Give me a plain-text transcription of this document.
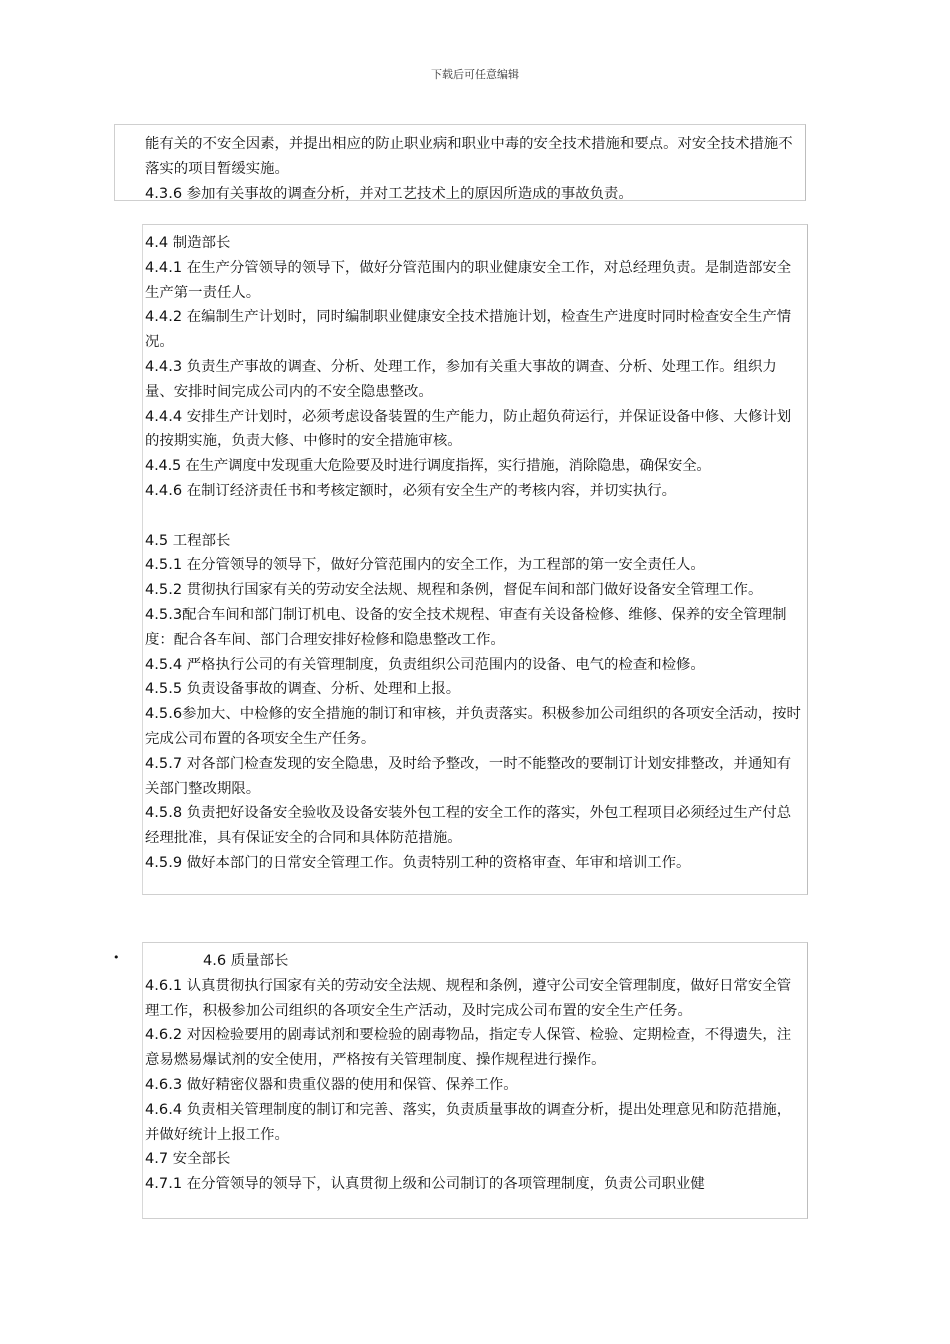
下载后可任意编辑

能有关的不安全因素，并提出相应的防止职业病和职业中毒的安全技术措施和要点。对安全技术措施不落实的项目暂缓实施。

4.3.6 参加有关事故的调查分析，并对工艺技术上的原因所造成的事故负责。

4.4 制造部长

4.4.1 在生产分管领导的领导下，做好分管范围内的职业健康安全工作，对总经理负责。是制造部安全生产第一责任人。

4.4.2 在编制生产计划时，同时编制职业健康安全技术措施计划，检查生产进度时同时检查安全生产情况。

4.4.3 负责生产事故的调查、分析、处理工作，参加有关重大事故的调查、分析、处理工作。组织力量、安排时间完成公司内的不安全隐患整改。

4.4.4 安排生产计划时，必须考虑设备装置的生产能力，防止超负荷运行，并保证设备中修、大修计划的按期实施，负责大修、中修时的安全措施审核。

4.4.5 在生产调度中发现重大危险要及时进行调度指挥，实行措施，消除隐患，确保安全。

4.4.6 在制订经济责任书和考核定额时，必须有安全生产的考核内容，并切实执行。

4.5 工程部长

4.5.1 在分管领导的领导下，做好分管范围内的安全工作，为工程部的第一安全责任人。

4.5.2 贯彻执行国家有关的劳动安全法规、规程和条例，督促车间和部门做好设备安全管理工作。

4.5.3配合车间和部门制订机电、设备的安全技术规程、审查有关设备检修、维修、保养的安全管理制度：配合各车间、部门合理安排好检修和隐患整改工作。

4.5.4 严格执行公司的有关管理制度，负责组织公司范围内的设备、电气的检查和检修。

4.5.5 负责设备事故的调查、分析、处理和上报。

4.5.6参加大、中检修的安全措施的制订和审核，并负责落实。积极参加公司组织的各项安全活动，按时完成公司布置的各项安全生产任务。

4.5.7 对各部门检查发现的安全隐患，及时给予整改，一时不能整改的要制订计划安排整改，并通知有关部门整改期限。

4.5.8 负责把好设备安全验收及设备安装外包工程的安全工作的落实，外包工程项目必须经过生产付总经理批准，具有保证安全的合同和具体防范措施。

4.5.9 做好本部门的日常安全管理工作。负责特别工种的资格审查、年审和培训工作。

•	4.6 质量部长

4.6.1 认真贯彻执行国家有关的劳动安全法规、规程和条例，遵守公司安全管理制度，做好日常安全管理工作，积极参加公司组织的各项安全生产活动，及时完成公司布置的安全生产任务。

4.6.2 对因检验要用的剧毒试剂和要检验的剧毒物品，指定专人保管、检验、定期检查，不得遗失，注意易燃易爆试剂的安全使用，严格按有关管理制度、操作规程进行操作。

4.6.3 做好精密仪器和贵重仪器的使用和保管、保养工作。

4.6.4 负责相关管理制度的制订和完善、落实，负责质量事故的调查分析，提出处理意见和防范措施，并做好统计上报工作。

4.7 安全部长

4.7.1 在分管领导的领导下，认真贯彻上级和公司制订的各项管理制度，负责公司职业健
